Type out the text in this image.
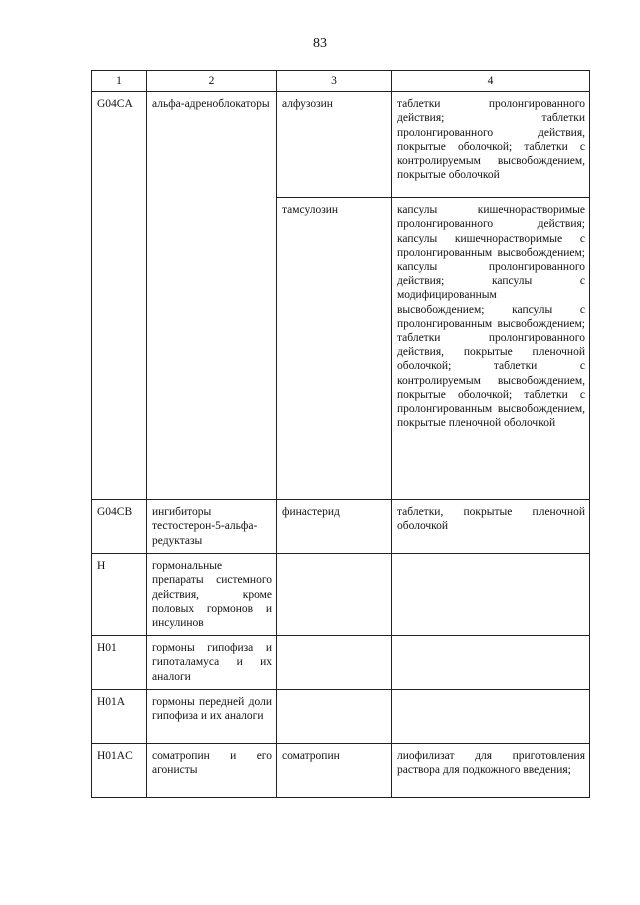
83
1	2	3	4
G04CA	альфа-адреноблокаторы	алфузозин	таблетки пролонгированного действия; таблетки пролонгированного действия, покрытые оболочкой; таблетки с контролируемым высвобождением, покрытые оболочкой
		тамсулозин	капсулы кишечнорастворимые пролонгированного действия; капсулы кишечнорастворимые с пролонгированным высвобождением; капсулы пролонгированного действия; капсулы с модифицированным высвобождением; капсулы с пролонгированным высвобождением; таблетки пролонгированного действия, покрытые пленочной оболочкой; таблетки с контролируемым высвобождением, покрытые оболочкой; таблетки с пролонгированным высвобождением, покрытые пленочной оболочкой
G04CB	ингибиторы тестостерон-5-альфа-редуктазы	финастерид	таблетки, покрытые пленочной оболочкой
H	гормональные препараты системного действия, кроме половых гормонов и инсулинов		
H01	гормоны гипофиза и гипоталамуса и их аналоги		
H01A	гормоны передней доли гипофиза и их аналоги		
H01AC	соматропин и его агонисты	соматропин	лиофилизат для приготовления раствора для подкожного введения;
